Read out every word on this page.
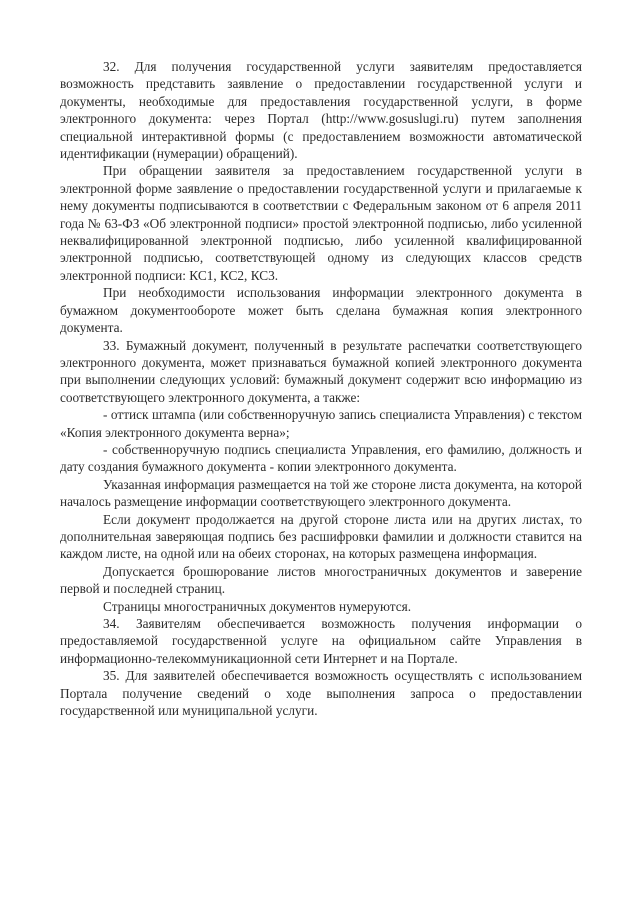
32. Для получения государственной услуги заявителям предоставляется возможность представить заявление о предоставлении государственной услуги и документы, необходимые для предоставления государственной услуги, в форме электронного документа: через Портал (http://www.gosuslugi.ru) путем заполнения специальной интерактивной формы (с предоставлением возможности автоматической идентификации (нумерации) обращений).

При обращении заявителя за предоставлением государственной услуги в электронной форме заявление о предоставлении государственной услуги и прилагаемые к нему документы подписываются в соответствии с Федеральным законом от 6 апреля 2011 года № 63-ФЗ «Об электронной подписи» простой электронной подписью, либо усиленной неквалифицированной электронной подписью, либо усиленной квалифицированной электронной подписью, соответствующей одному из следующих классов средств электронной подписи: КС1, КС2, КС3.

При необходимости использования информации электронного документа в бумажном документообороте может быть сделана бумажная копия электронного документа.

33. Бумажный документ, полученный в результате распечатки соответствующего электронного документа, может признаваться бумажной копией электронного документа при выполнении следующих условий: бумажный документ содержит всю информацию из соответствующего электронного документа, а также:

- оттиск штампа (или собственноручную запись специалиста Управления) с текстом «Копия электронного документа верна»;

- собственноручную подпись специалиста Управления, его фамилию, должность и дату создания бумажного документа - копии электронного документа.

Указанная информация размещается на той же стороне листа документа, на которой началось размещение информации соответствующего электронного документа.

Если документ продолжается на другой стороне листа или на других листах, то дополнительная заверяющая подпись без расшифровки фамилии и должности ставится на каждом листе, на одной или на обеих сторонах, на которых размещена информация.

Допускается брошюрование листов многостраничных документов и заверение первой и последней страниц.

Страницы многостраничных документов нумеруются.

34. Заявителям обеспечивается возможность получения информации о предоставляемой государственной услуге на официальном сайте Управления в информационно-телекоммуникационной сети Интернет и на Портале.

35. Для заявителей обеспечивается возможность осуществлять с использованием Портала получение сведений о ходе выполнения запроса о предоставлении государственной или муниципальной услуги.
